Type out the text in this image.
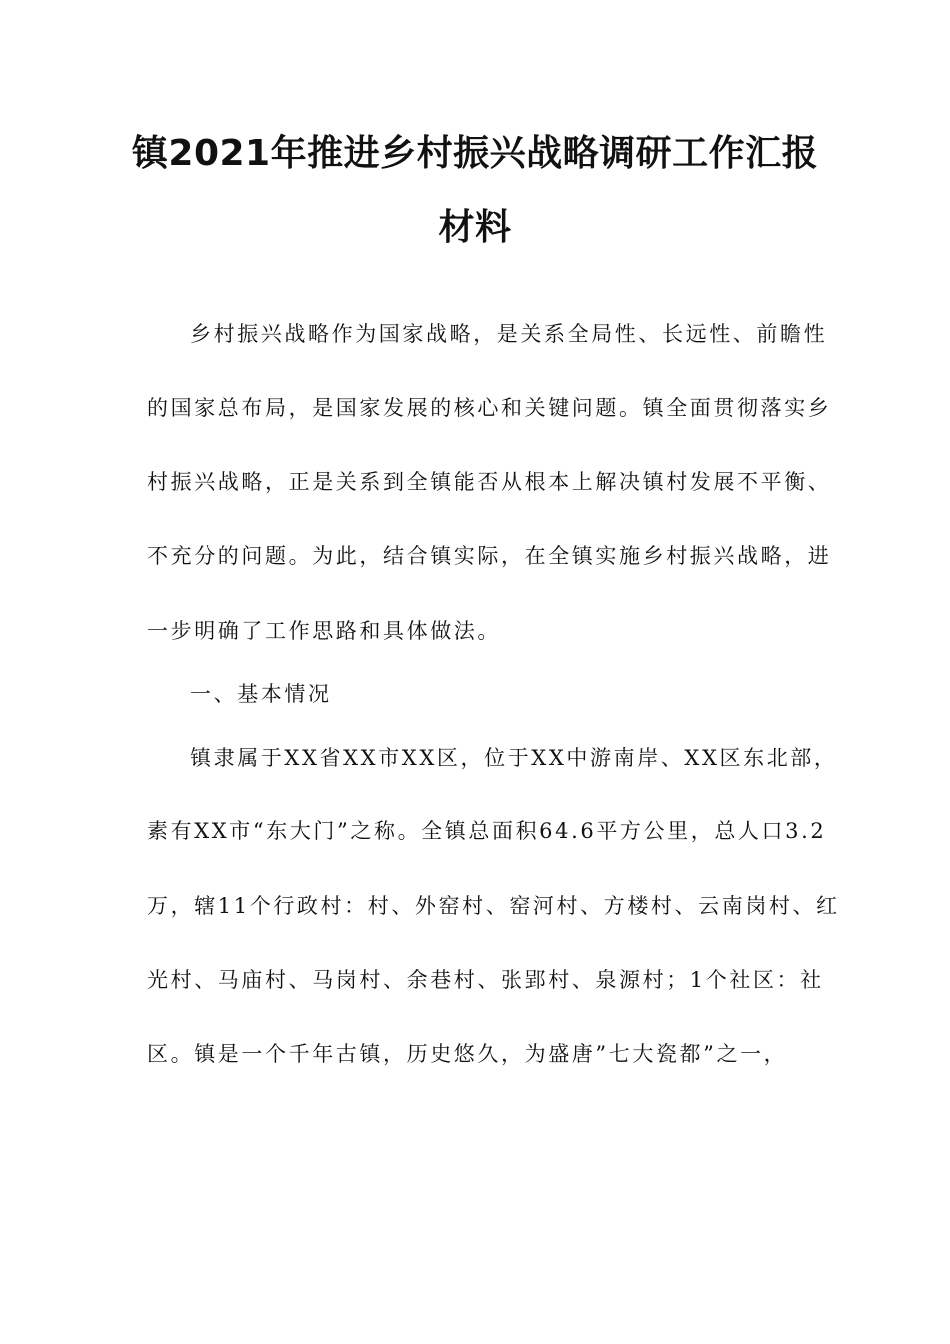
镇2021年推进乡村振兴战略调研工作汇报
材料
乡村振兴战略作为国家战略，是关系全局性、长远性、前瞻性
的国家总布局，是国家发展的核心和关键问题。镇全面贯彻落实乡
村振兴战略，正是关系到全镇能否从根本上解决镇村发展不平衡、
不充分的问题。为此，结合镇实际，在全镇实施乡村振兴战略，进
一步明确了工作思路和具体做法。
一、基本情况
镇隶属于XX省XX市XX区，位于XX中游南岸、XX区东北部，
素有XX市“东大门”之称。全镇总面积64.6平方公里，总人口3.2
万，辖11个行政村：村、外窑村、窑河村、方楼村、云南岗村、红
光村、马庙村、马岗村、余巷村、张郢村、泉源村；1个社区：社
区。镇是一个千年古镇，历史悠久，为盛唐”七大瓷都”之一，
